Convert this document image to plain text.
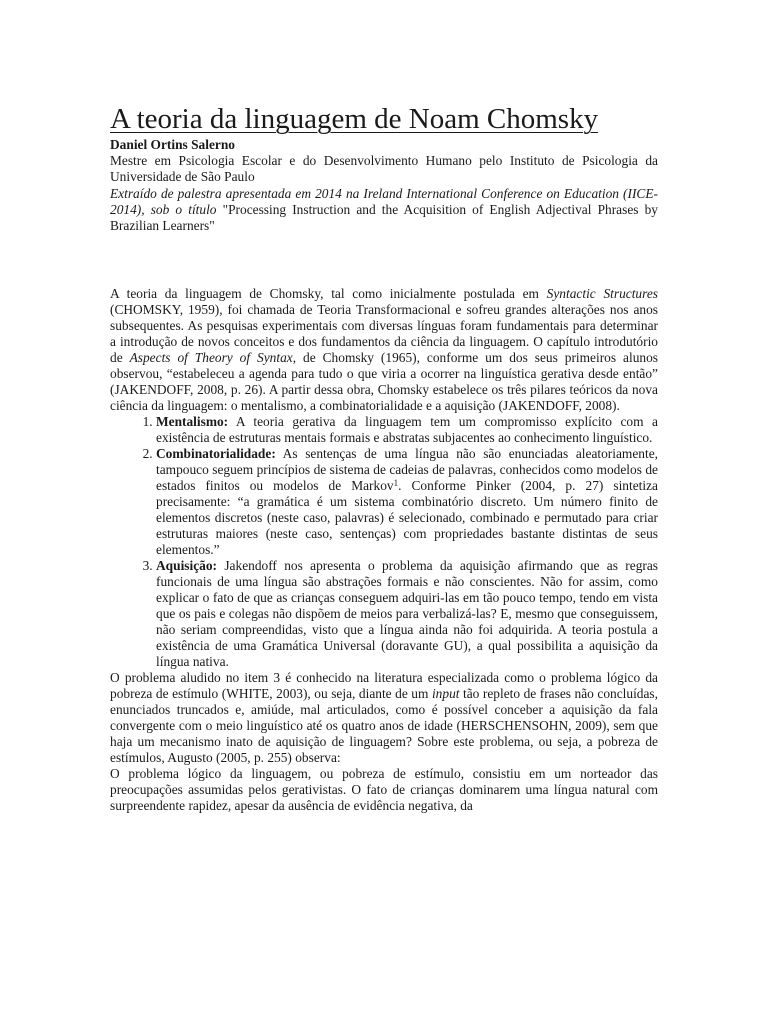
A teoria da linguagem de Noam Chomsky
Daniel Ortins Salerno
Mestre em Psicologia Escolar e do Desenvolvimento Humano pelo Instituto de Psicologia da Universidade de São Paulo
Extraído de palestra apresentada em 2014 na Ireland International Conference on Education (IICE-2014), sob o título "Processing Instruction and the Acquisition of English Adjectival Phrases by Brazilian Learners"

A teoria da linguagem de Chomsky, tal como inicialmente postulada em Syntactic Structures (CHOMSKY, 1959), foi chamada de Teoria Transformacional e sofreu grandes alterações nos anos subsequentes. As pesquisas experimentais com diversas línguas foram fundamentais para determinar a introdução de novos conceitos e dos fundamentos da ciência da linguagem. O capítulo introdutório de Aspects of Theory of Syntax, de Chomsky (1965), conforme um dos seus primeiros alunos observou, “estabeleceu a agenda para tudo o que viria a ocorrer na linguística gerativa desde então” (JAKENDOFF, 2008, p. 26). A partir dessa obra, Chomsky estabelece os três pilares teóricos da nova ciência da linguagem: o mentalismo, a combinatorialidade e a aquisição (JAKENDOFF, 2008).

1. Mentalismo: A teoria gerativa da linguagem tem um compromisso explícito com a existência de estruturas mentais formais e abstratas subjacentes ao conhecimento linguístico.
2. Combinatorialidade: As sentenças de uma língua não são enunciadas aleatoriamente, tampouco seguem princípios de sistema de cadeias de palavras, conhecidos como modelos de estados finitos ou modelos de Markov$^1$. Conforme Pinker (2004, p. 27) sintetiza precisamente: “a gramática é um sistema combinatório discreto. Um número finito de elementos discretos (neste caso, palavras) é selecionado, combinado e permutado para criar estruturas maiores (neste caso, sentenças) com propriedades bastante distintas de seus elementos.”
3. Aquisição: Jakendoff nos apresenta o problema da aquisição afirmando que as regras funcionais de uma língua são abstrações formais e não conscientes. Não for assim, como explicar o fato de que as crianças conseguem adquiri-las em tão pouco tempo, tendo em vista que os pais e colegas não dispõem de meios para verbalizá-las? E, mesmo que conseguissem, não seriam compreendidas, visto que a língua ainda não foi adquirida. A teoria postula a existência de uma Gramática Universal (doravante GU), a qual possibilita a aquisição da língua nativa.

O problema aludido no item 3 é conhecido na literatura especializada como o problema lógico da pobreza de estímulo (WHITE, 2003), ou seja, diante de um input tão repleto de frases não concluídas, enunciados truncados e, amiúde, mal articulados, como é possível conceber a aquisição da fala convergente com o meio linguístico até os quatro anos de idade (HERSCHENSOHN, 2009), sem que haja um mecanismo inato de aquisição de linguagem? Sobre este problema, ou seja, a pobreza de estímulos, Augusto (2005, p. 255) observa:

O problema lógico da linguagem, ou pobreza de estímulo, consistiu em um norteador das preocupações assumidas pelos gerativistas. O fato de crianças dominarem uma língua natural com surpreendente rapidez, apesar da ausência de evidência negativa, da
